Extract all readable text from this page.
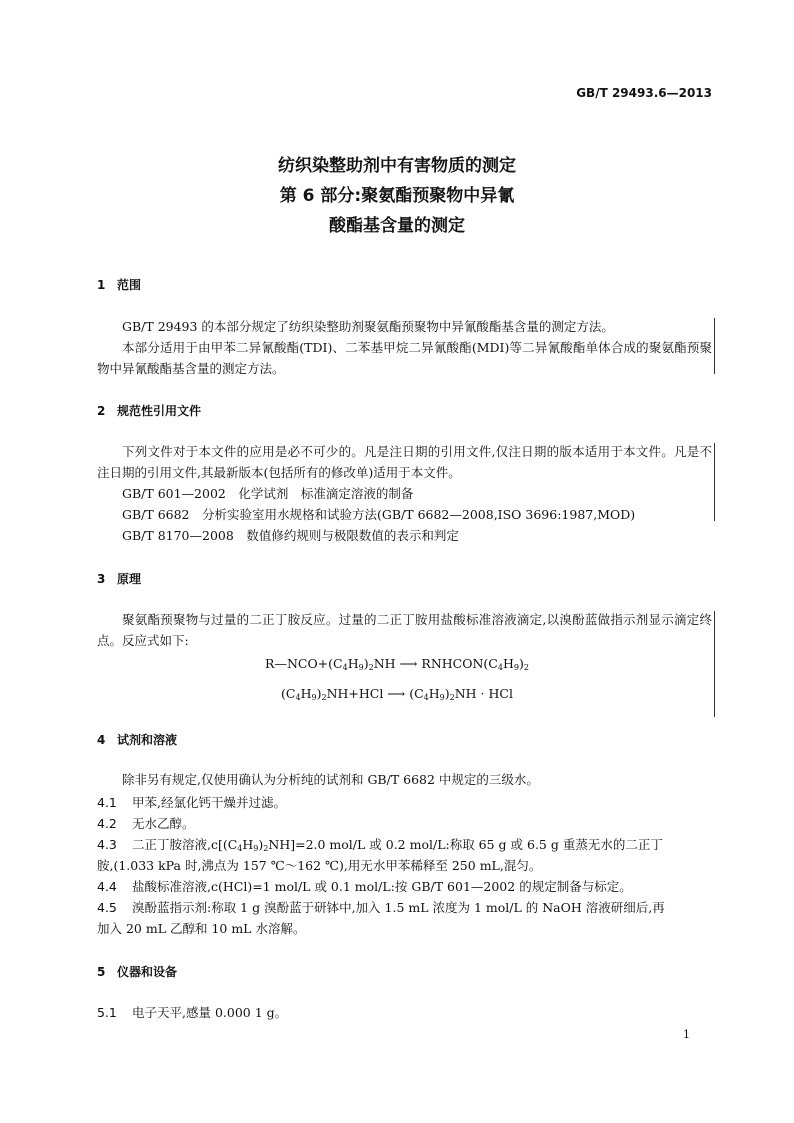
GB/T 29493.6—2013
纺织染整助剂中有害物质的测定
第 6 部分:聚氨酯预聚物中异氰
酸酯基含量的测定
1 范围
GB/T 29493 的本部分规定了纺织染整助剂聚氨酯预聚物中异氰酸酯基含量的测定方法。
本部分适用于由甲苯二异氰酸酯(TDI)、二苯基甲烷二异氰酸酯(MDI)等二异氰酸酯单体合成的聚氨酯预聚物中异氰酸酯基含量的测定方法。
2 规范性引用文件
下列文件对于本文件的应用是必不可少的。凡是注日期的引用文件,仅注日期的版本适用于本文件。凡是不注日期的引用文件,其最新版本(包括所有的修改单)适用于本文件。
GB/T 601—2002　化学试剂　标准滴定溶液的制备
GB/T 6682　分析实验室用水规格和试验方法(GB/T 6682—2008,ISO 3696:1987,MOD)
GB/T 8170—2008　数值修约规则与极限数值的表示和判定
3 原理
聚氨酯预聚物与过量的二正丁胺反应。过量的二正丁胺用盐酸标准溶液滴定,以溴酚蓝做指示剂显示滴定终点。反应式如下:
$R—NCO+(C_4H_9)_2NH$ ⟶ $RNHCON(C_4H_9)_2$
$(C_4H_9)_2NH+HCl$ ⟶ $(C_4H_9)_2NH$ · HCl
4 试剂和溶液
除非另有规定,仅使用确认为分析纯的试剂和 GB/T 6682 中规定的三级水。
4.1 甲苯,经氯化钙干燥并过滤。
4.2 无水乙醇。
4.3 二正丁胺溶液$,c[(C_4H_9)_2NH]=2.0$ mol/L 或 0.2 mol/L:称取 65 g 或 6.5 g 重蒸无水的二正丁
胺,(1.033 kPa 时,沸点为 157 ℃～162 ℃),用无水甲苯稀释至 250 mL,混匀。
4.4 盐酸标准溶液,c(HCl)=1 mol/L 或 0.1 mol/L:按 GB/T 601—2002 的规定制备与标定。
4.5 溴酚蓝指示剂:称取 1 g 溴酚蓝于研钵中,加入 1.5 mL 浓度为 1 mol/L 的 NaOH 溶液研细后,再
加入 20 mL 乙醇和 10 mL 水溶解。
5 仪器和设备
5.1 电子天平,感量 0.000 1 g。
1
